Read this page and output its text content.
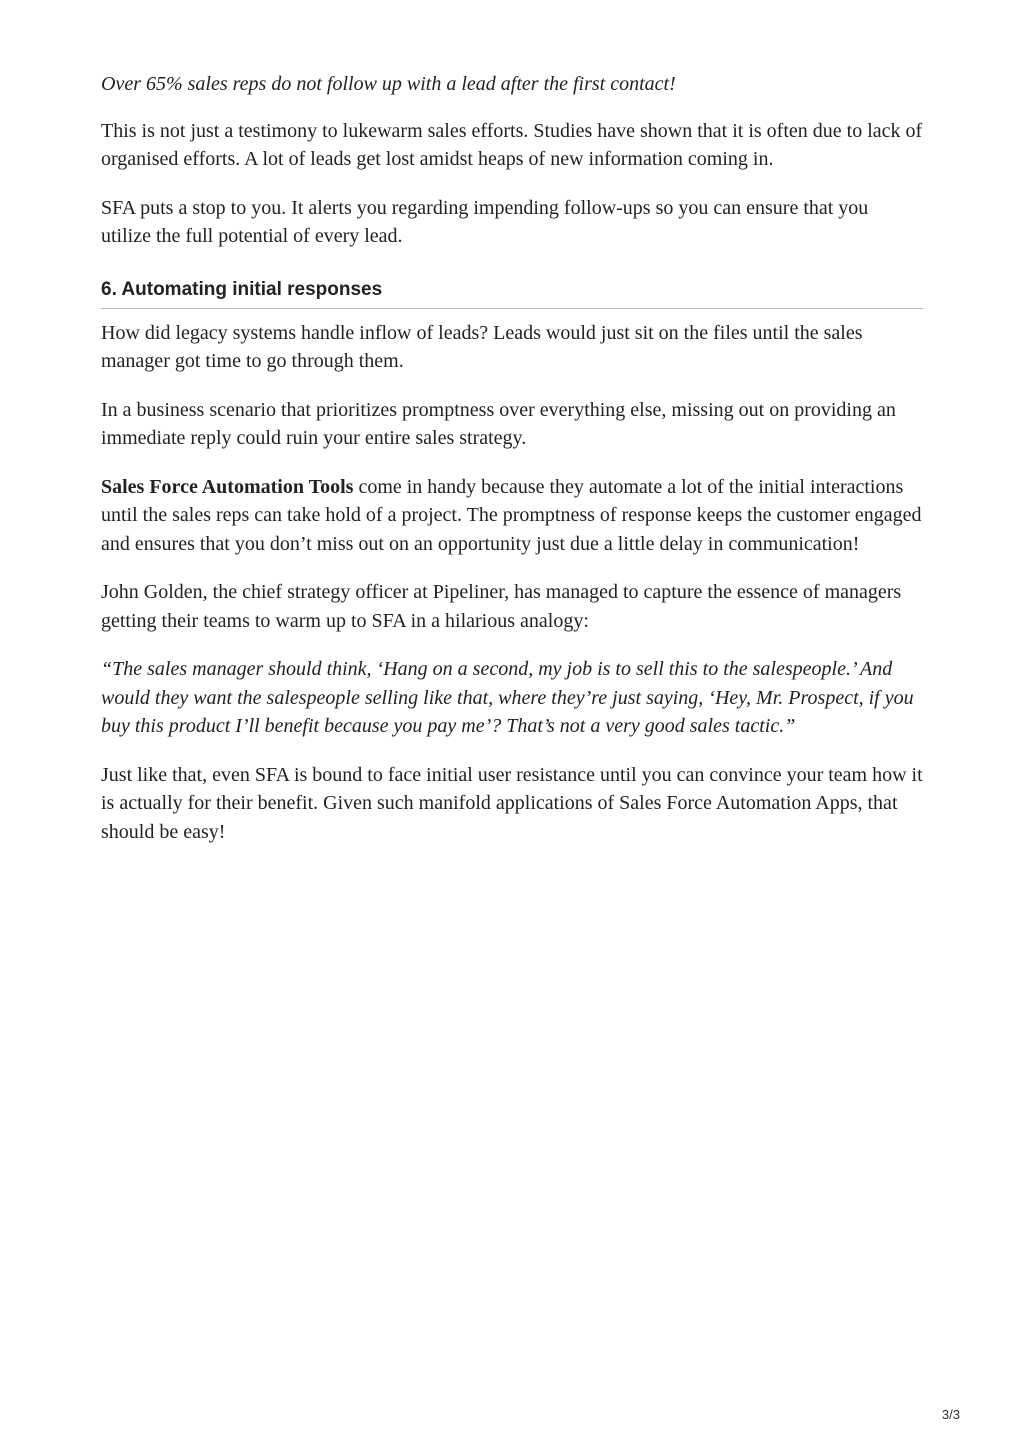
Over 65% sales reps do not follow up with a lead after the first contact!

This is not just a testimony to lukewarm sales efforts. Studies have shown that it is often due to lack of organised efforts. A lot of leads get lost amidst heaps of new information coming in.

SFA puts a stop to you. It alerts you regarding impending follow-ups so you can ensure that you utilize the full potential of every lead.

6. Automating initial responses

How did legacy systems handle inflow of leads? Leads would just sit on the files until the sales manager got time to go through them.

In a business scenario that prioritizes promptness over everything else, missing out on providing an immediate reply could ruin your entire sales strategy.

Sales Force Automation Tools come in handy because they automate a lot of the initial interactions until the sales reps can take hold of a project. The promptness of response keeps the customer engaged and ensures that you don’t miss out on an opportunity just due a little delay in communication!

John Golden, the chief strategy officer at Pipeliner, has managed to capture the essence of managers getting their teams to warm up to SFA in a hilarious analogy:

“The sales manager should think, ‘Hang on a second, my job is to sell this to the salespeople.’ And would they want the salespeople selling like that, where they’re just saying, ‘Hey, Mr. Prospect, if you buy this product I’ll benefit because you pay me’? That’s not a very good sales tactic.”

Just like that, even SFA is bound to face initial user resistance until you can convince your team how it is actually for their benefit. Given such manifold applications of Sales Force Automation Apps, that should be easy!

3/3
